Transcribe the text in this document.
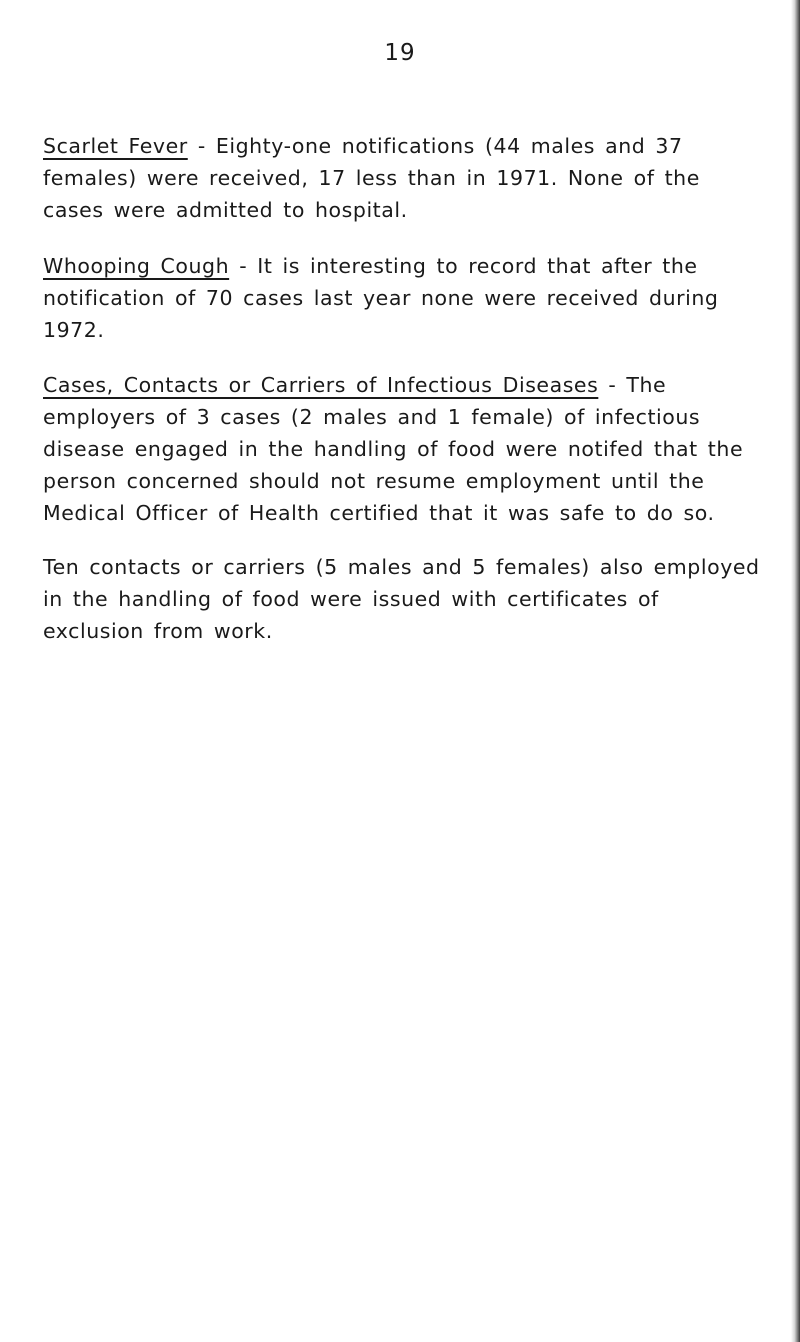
19

Scarlet Fever - Eighty-one notifications (44 males and 37 females) were received, 17 less than in 1971. None of the cases were admitted to hospital.

Whooping Cough - It is interesting to record that after the notification of 70 cases last year none were received during 1972.

Cases, Contacts or Carriers of Infectious Diseases - The employers of 3 cases (2 males and 1 female) of infectious disease engaged in the handling of food were notifed that the person concerned should not resume employment until the Medical Officer of Health certified that it was safe to do so.

Ten contacts or carriers (5 males and 5 females) also employed in the handling of food were issued with certificates of exclusion from work.
